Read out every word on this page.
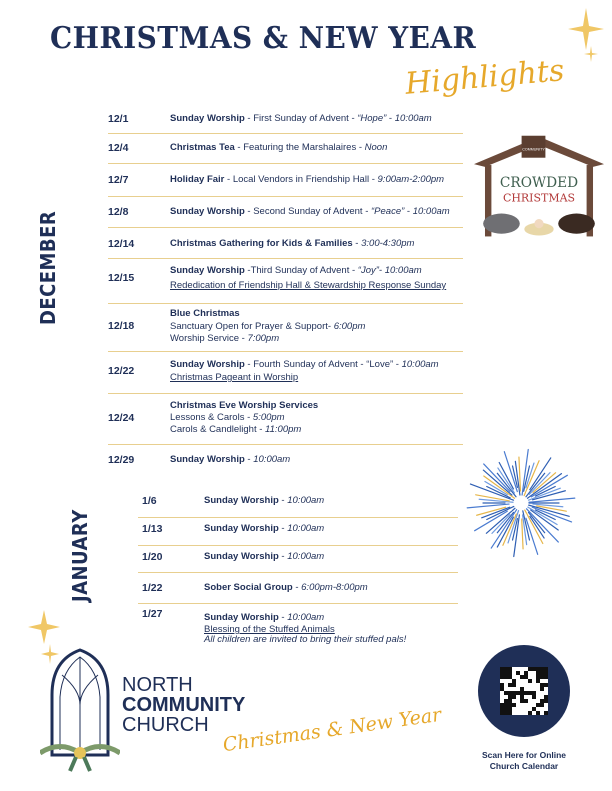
CHRISTMAS & NEW YEAR
Highlights
DECEMBER
JANUARY
12/1	Sunday Worship - First Sunday of Advent - “Hope” - 10:00am
12/4	Christmas Tea - Featuring the Marshalaires - Noon
12/7	Holiday Fair - Local Vendors in Friendship Hall - 9:00am-2:00pm
12/8	Sunday Worship - Second Sunday of Advent - “Peace” - 10:00am
12/14	Christmas Gathering for Kids & Families - 3:00-4:30pm
12/15
Sunday Worship -Third Sunday of Advent - “Joy”- 10:00am
Rededication of Friendship Hall & Stewardship Response Sunday
12/18
Blue Christmas
Sanctuary Open for Prayer & Support- 6:00pm
Worship Service - 7:00pm
12/22
Sunday Worship - Fourth Sunday of Advent - “Love” - 10:00am
Christmas Pageant in Worship
12/24
Christmas Eve Worship Services
Lessons & Carols - 5:00pm
Carols & Candlelight - 11:00pm
12/29	Sunday Worship - 10:00am
1/6	Sunday Worship - 10:00am
1/13	Sunday Worship - 10:00am
1/20	Sunday Worship - 10:00am
1/22	Sober Social Group - 6:00pm-8:00pm
1/27	Sunday Worship - 10:00am
Blessing of the Stuffed Animals
All children are invited to bring their stuffed pals!
COMMUNITY
CROWDED
CHRISTMAS
NORTH
COMMUNITY
CHURCH Christmas & New Year	Scan Here for Online
Church Calendar
